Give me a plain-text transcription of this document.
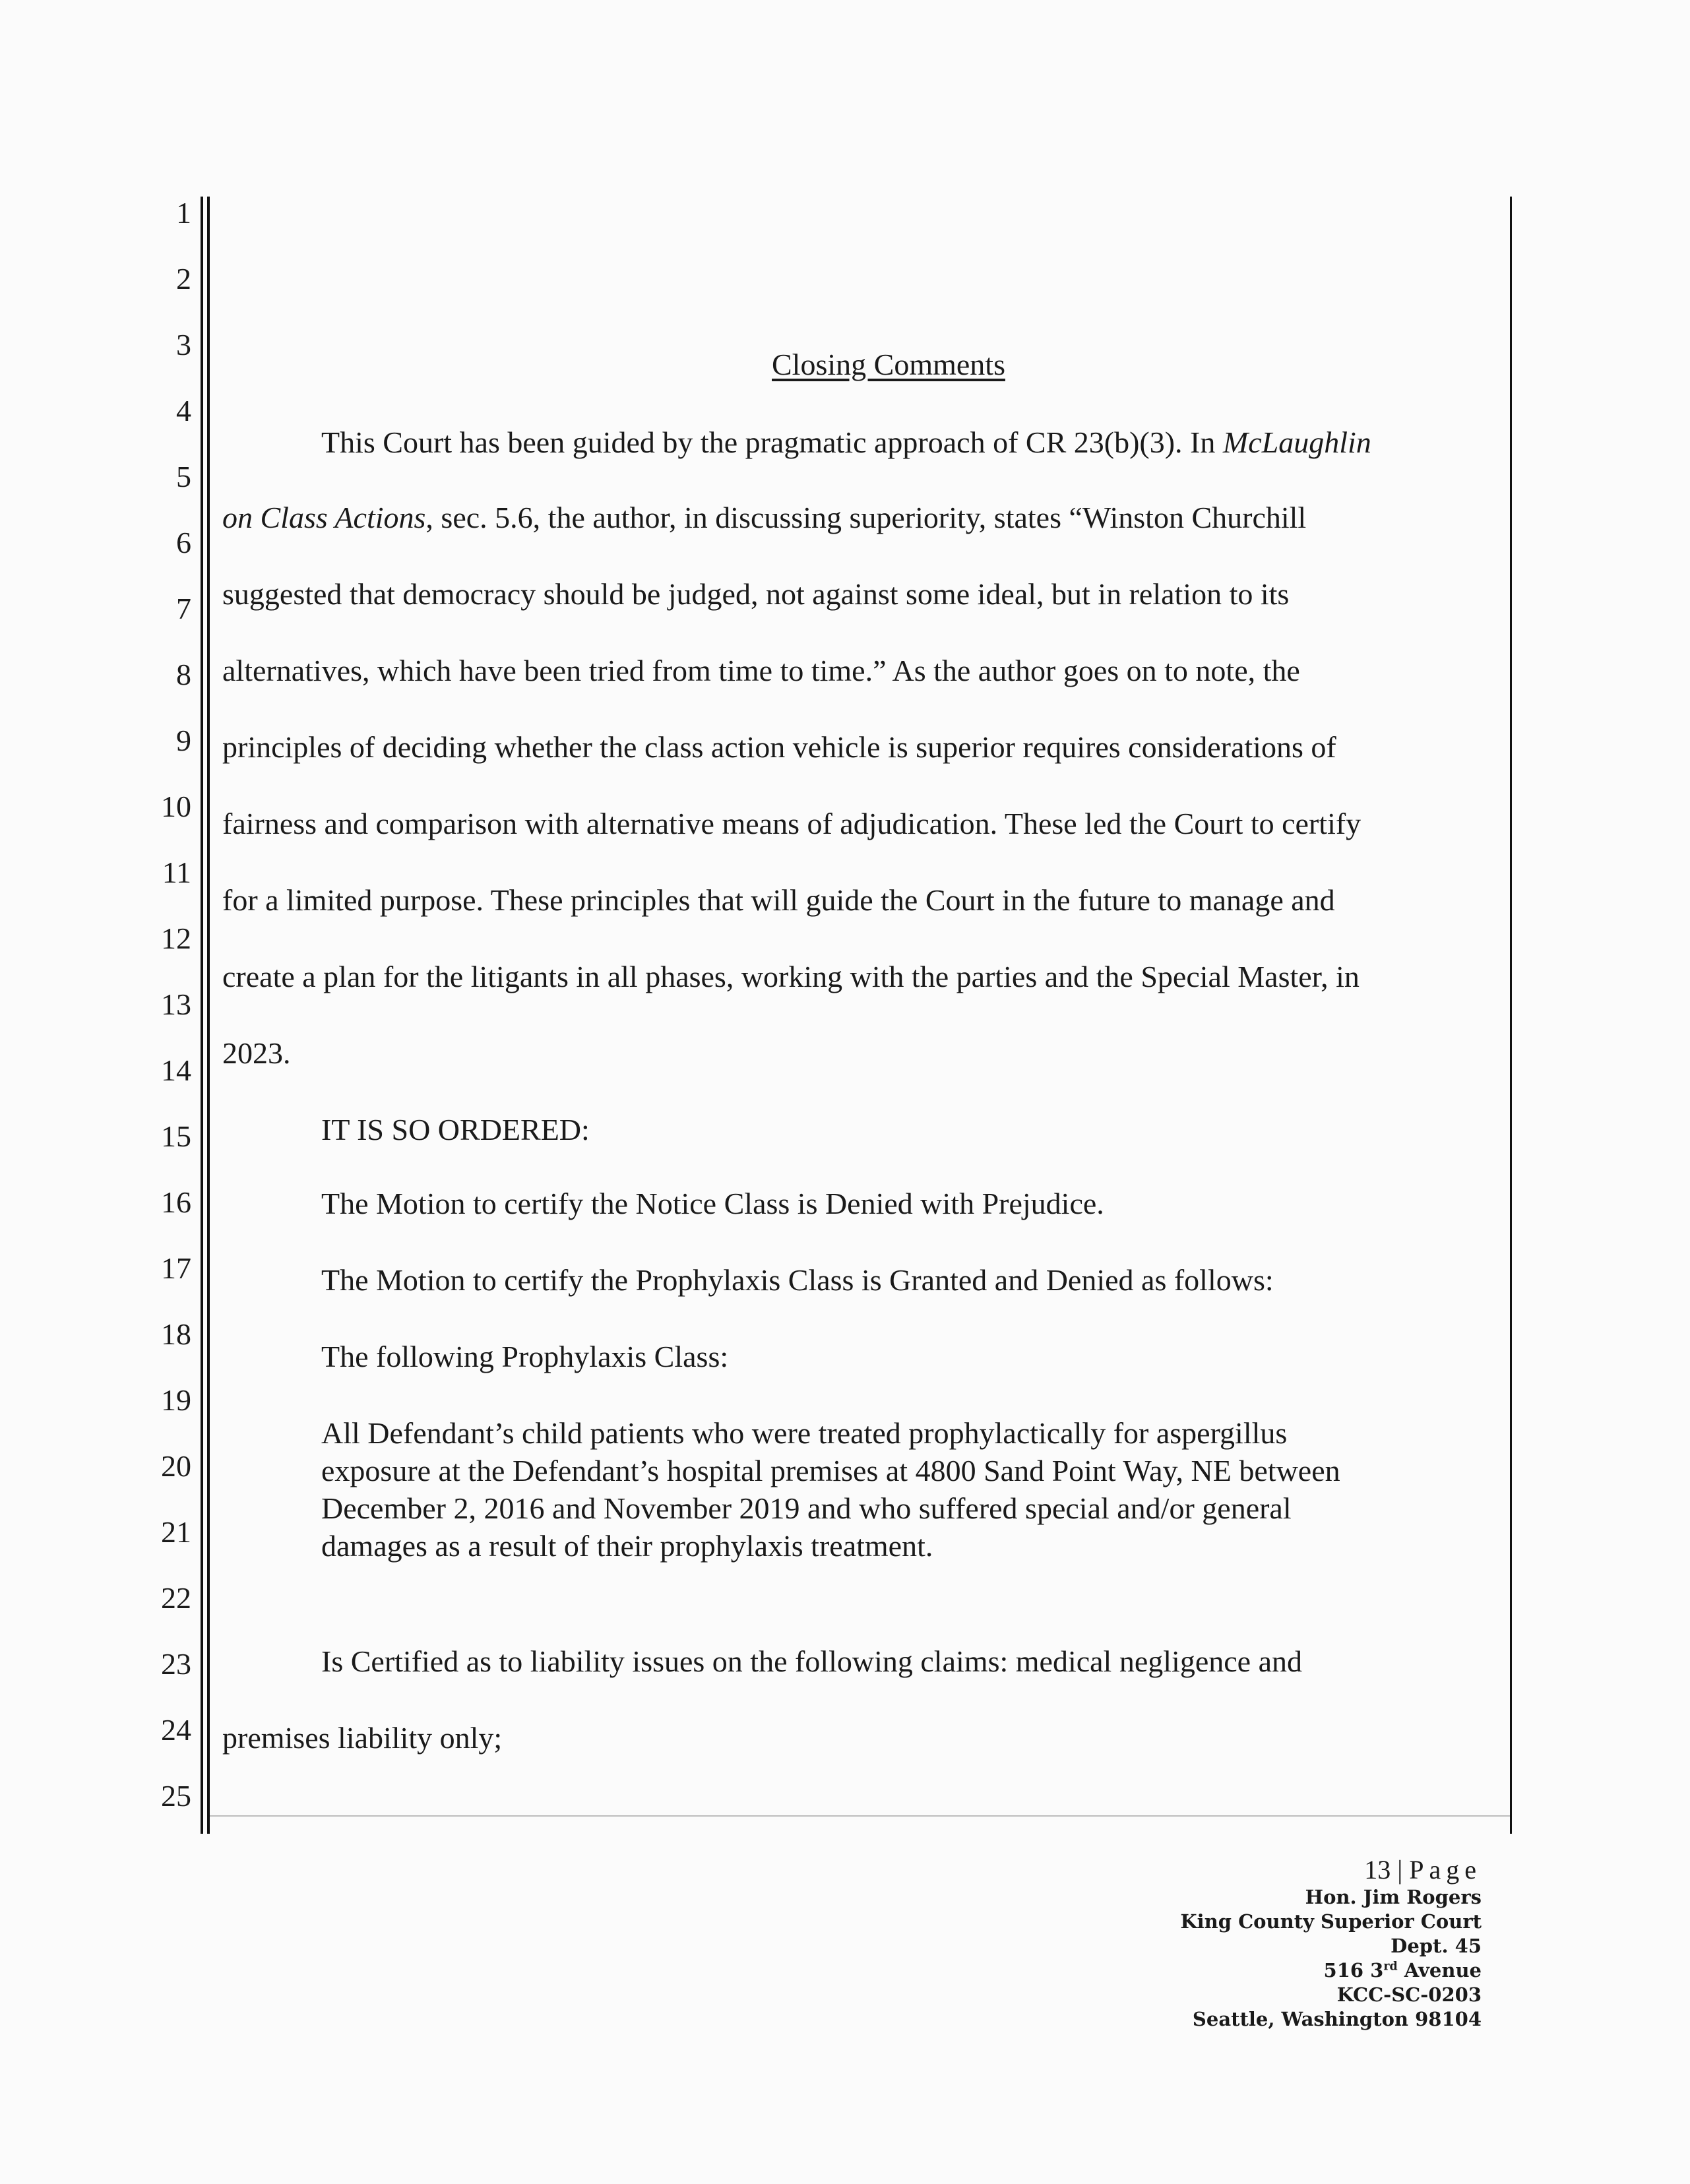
1
2
3
4
5
6
7
8
9
10
11
12
13
14
15
16
17
18
19
20
21
22
23
24
25
Closing Comments
This Court has been guided by the pragmatic approach of CR 23(b)(3). In McLaughlin
on Class Actions, sec. 5.6, the author, in discussing superiority, states “Winston Churchill
suggested that democracy should be judged, not against some ideal, but in relation to its
alternatives, which have been tried from time to time.” As the author goes on to note, the
principles of deciding whether the class action vehicle is superior requires considerations of
fairness and comparison with alternative means of adjudication. These led the Court to certify
for a limited purpose. These principles that will guide the Court in the future to manage and
create a plan for the litigants in all phases, working with the parties and the Special Master, in
2023.
IT IS SO ORDERED:
The Motion to certify the Notice Class is Denied with Prejudice.
The Motion to certify the Prophylaxis Class is Granted and Denied as follows:
The following Prophylaxis Class:
All Defendant’s child patients who were treated prophylactically for aspergillus
exposure at the Defendant’s hospital premises at 4800 Sand Point Way, NE between
December 2, 2016 and November 2019 and who suffered special and/or general
damages as a result of their prophylaxis treatment.
Is Certified as to liability issues on the following claims: medical negligence and
premises liability only;
13 | Page
Hon. Jim Rogers
King County Superior Court
Dept. 45
516 3rd Avenue
KCC-SC-0203
Seattle, Washington 98104
